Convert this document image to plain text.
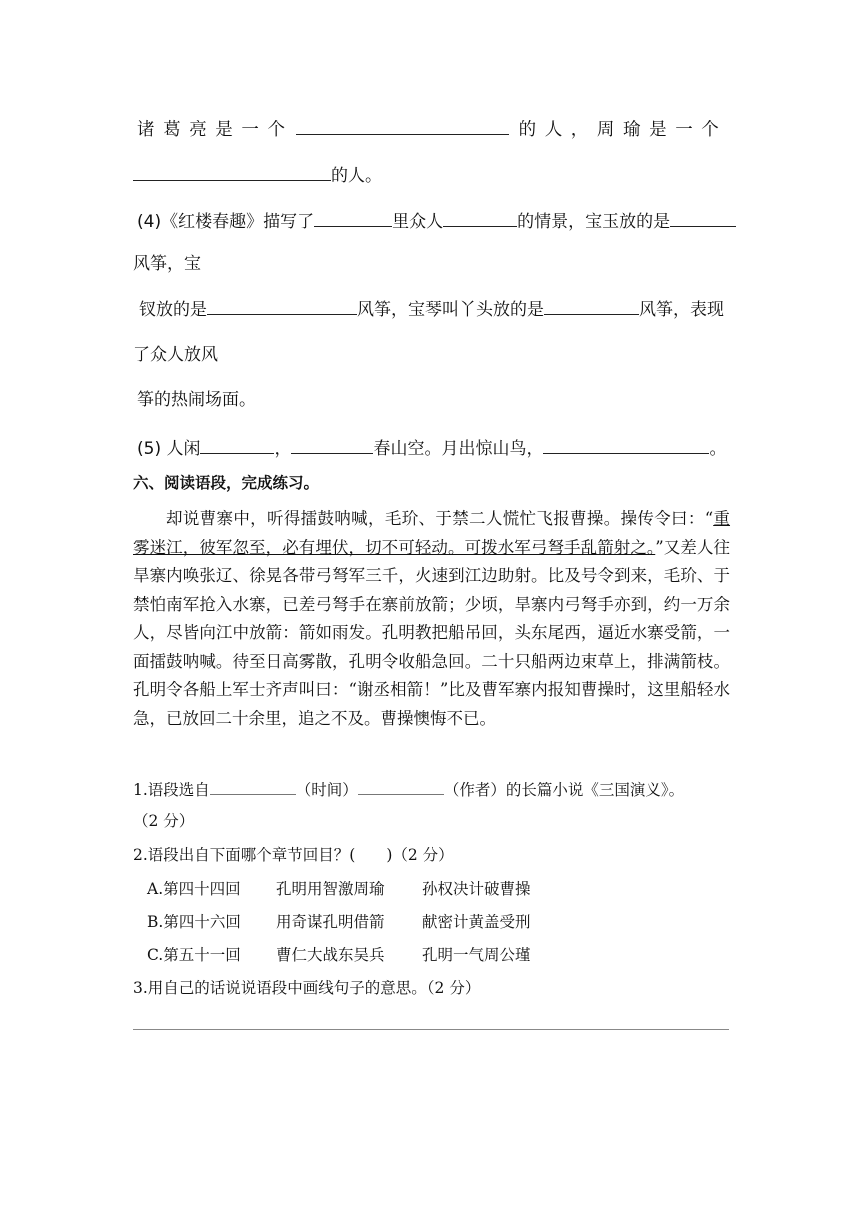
诸葛亮是一个	的人，周瑜是一个
的人。
(4)《红楼春趣》描写了	里众人	的情景，宝玉放的是
风筝，宝
钗放的是	风筝，宝琴叫丫头放的是	风筝，表现
了众人放风
筝的热闹场面。
(5) 人闲	，	春山空。月出惊山鸟，	。
六、阅读语段，完成练习。
却说曹寨中，听得擂鼓呐喊，毛玠、于禁二人慌忙飞报曹操。操传令曰：“重雾迷江，彼军忽至，必有埋伏，切不可轻动。可拨水军弓弩手乱箭射之。”又差人往旱寨内唤张辽、徐晃各带弓弩军三千，火速到江边助射。比及号令到来，毛玠、于禁怕南军抢入水寨，已差弓弩手在寨前放箭；少顷，旱寨内弓弩手亦到，约一万余人，尽皆向江中放箭：箭如雨发。孔明教把船吊回，头东尾西，逼近水寨受箭，一面擂鼓呐喊。待至日高雾散，孔明令收船急回。二十只船两边束草上，排满箭枝。孔明令各船上军士齐声叫曰：“谢丞相箭！”比及曹军寨内报知曹操时，这里船轻水急，已放回二十余里，追之不及。曹操懊悔不已。
1.语段选自	（时间）	（作者）的长篇小说《三国演义》。
（2 分）
2.语段出自下面哪个章节回目？(　　)（2 分）
A.第四十四回 孔明用智激周瑜 孙权决计破曹操
B.第四十六回 用奇谋孔明借箭 献密计黄盖受刑
C.第五十一回 曹仁大战东吴兵 孔明一气周公瑾
3.用自己的话说说语段中画线句子的意思。（2 分）
